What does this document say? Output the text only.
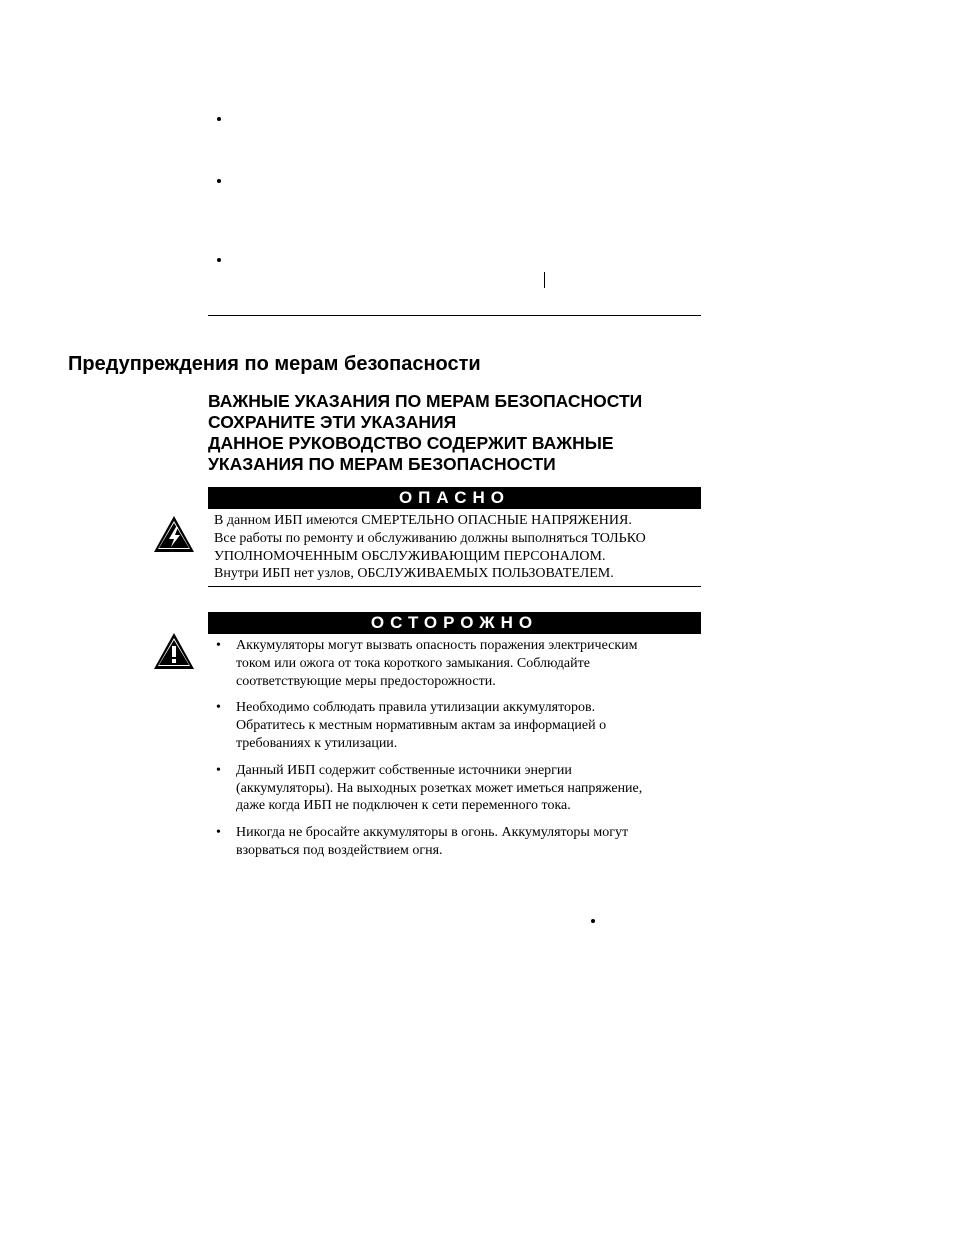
Предупреждения по мерам безопасности
ВАЖНЫЕ УКАЗАНИЯ ПО МЕРАМ БЕЗОПАСНОСТИ
СОХРАНИТЕ ЭТИ УКАЗАНИЯ
ДАННОЕ РУКОВОДСТВО СОДЕРЖИТ ВАЖНЫЕ
УКАЗАНИЯ ПО МЕРАМ БЕЗОПАСНОСТИ
ОПАСНО
В данном ИБП имеются СМЕРТЕЛЬНО ОПАСНЫЕ НАПРЯЖЕНИЯ.
Все работы по ремонту и обслуживанию должны выполняться ТОЛЬКО
УПОЛНОМОЧЕННЫМ ОБСЛУЖИВАЮЩИМ ПЕРСОНАЛОМ.
Внутри ИБП нет узлов, ОБСЛУЖИВАЕМЫХ ПОЛЬЗОВАТЕЛЕМ.
ОСТОРОЖНО
• Аккумуляторы могут вызвать опасность поражения электрическим
током или ожога от тока короткого замыкания. Соблюдайте
соответствующие меры предосторожности.
• Необходимо соблюдать правила утилизации аккумуляторов.
Обратитесь к местным нормативным актам за информацией о
требованиях к утилизации.
• Данный ИБП содержит собственные источники энергии
(аккумуляторы). На выходных розетках может иметься напряжение,
даже когда ИБП не подключен к сети переменного тока.
• Никогда не бросайте аккумуляторы в огонь. Аккумуляторы могут
взорваться под воздействием огня.
